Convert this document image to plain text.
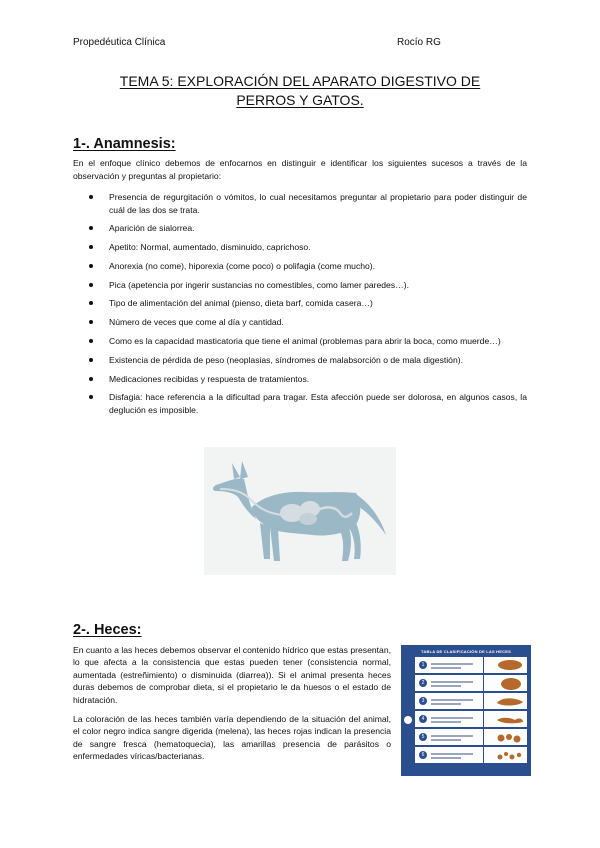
Propedéutica Clínica	Rocío RG
TEMA 5: EXPLORACIÓN DEL APARATO DIGESTIVO DE
PERROS Y GATOS.
1-. Anamnesis:
En el enfoque clínico debemos de enfocarnos en distinguir e identificar los siguientes sucesos a través de la observación y preguntas al propietario:
Presencia de regurgitación o vómitos, lo cual necesitamos preguntar al propietario para poder distinguir de cuál de las dos se trata.
Aparición de sialorrea.
Apetito: Normal, aumentado, disminuido, caprichoso.
Anorexia (no come), hiporexia (come poco) o polifagia (come mucho).
Pica (apetencia por ingerir sustancias no comestibles, como lamer paredes…).
Tipo de alimentación del animal (pienso, dieta barf, comida casera…)
Número de veces que come al día y cantidad.
Como es la capacidad masticatoria que tiene el animal (problemas para abrir la boca, como muerde…)
Existencia de pérdida de peso (neoplasias, síndromes de malabsorción o de mala digestión).
Medicaciones recibidas y respuesta de tratamientos.
Disfagia: hace referencia a la dificultad para tragar. Esta afección puede ser dolorosa, en algunos casos, la deglución es imposible.
2-. Heces:

En cuanto a las heces debemos observar el contenido hídrico que estas presentan, lo que afecta a la consistencia que estas pueden tener (consistencia normal, aumentada (estreñimiento) o disminuida (diarrea)). Si el animal presenta heces duras debemos de comprobar dieta, si el propietario le da huesos o el estado de hidratación.

La coloración de las heces también varía dependiendo de la situación del animal, el color negro indica sangre digerida (melena), las heces rojas indican la presencia de sangre fresca (hematoquecia), las amarillas presencia de parásitos o enfermedades víricas/bacterianas.

TABLA DE CLASIFICACIÓN DE LAS HECES
1
2
3
4
5
6
